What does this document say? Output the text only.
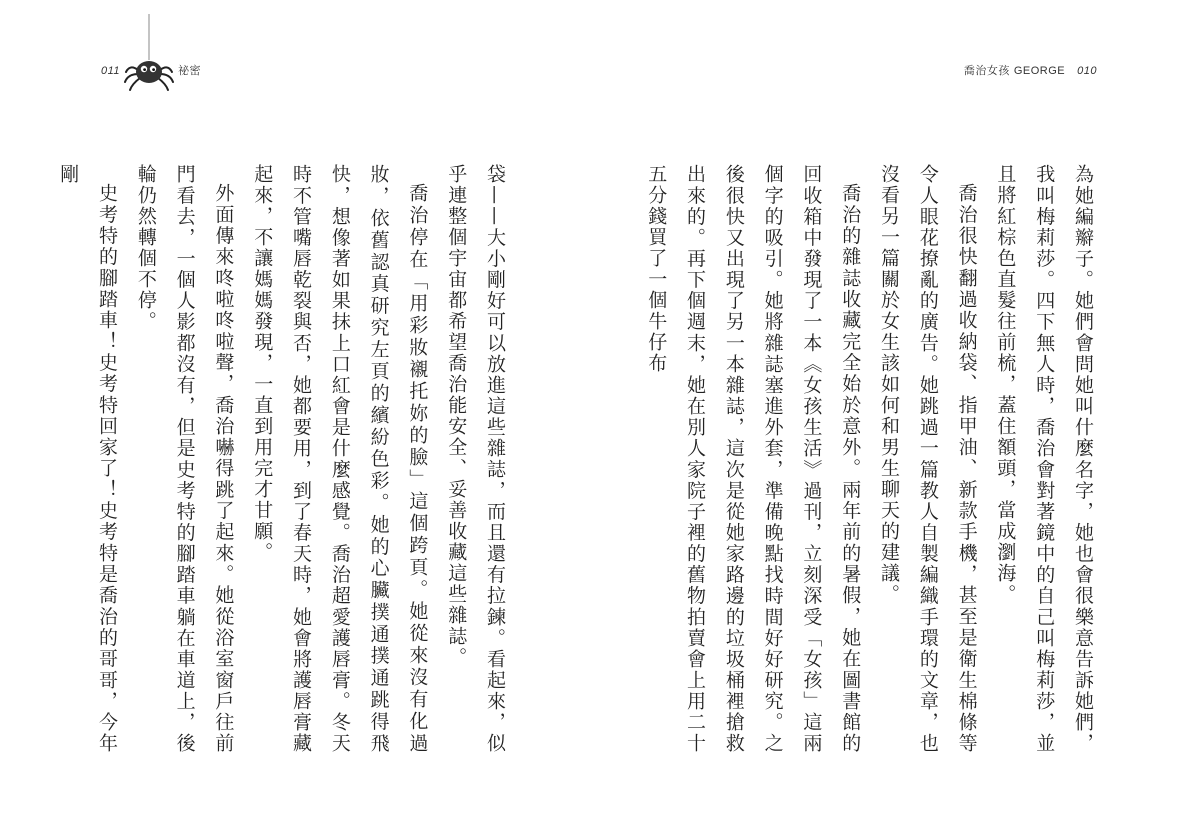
011	祕密

袋——大小剛好可以放進這些雜誌，而且還有拉鍊。看起來，似乎連整個宇宙都希望喬治能安全、妥善收藏這些雜誌。

喬治停在「用彩妝襯托妳的臉」這個跨頁。她從來沒有化過妝，依舊認真研究左頁的繽紛色彩。她的心臟撲通撲通跳得飛快，想像著如果抹上口紅會是什麼感覺。喬治超愛護唇膏。冬天時不管嘴唇乾裂與否，她都要用，到了春天時，她會將護唇膏藏起來，不讓媽媽發現，一直到用完才甘願。

外面傳來咚啦咚啦聲，喬治嚇得跳了起來。她從浴室窗戶往前門看去，一個人影都沒有，但是史考特的腳踏車躺在車道上，後輪仍然轉個不停。

史考特的腳踏車！史考特回家了！史考特是喬治的哥哥，今年剛

喬治女孩 GEORGE 010

為她編辮子。她們會問她叫什麼名字，她也會很樂意告訴她們，我叫梅莉莎。四下無人時，喬治會對著鏡中的自己叫梅莉莎，並且將紅棕色直髮往前梳，蓋住額頭，當成瀏海。

喬治很快翻過收納袋、指甲油、新款手機，甚至是衛生棉條等令人眼花撩亂的廣告。她跳過一篇教人自製編織手環的文章，也沒看另一篇關於女生該如何和男生聊天的建議。

喬治的雜誌收藏完全始於意外。兩年前的暑假，她在圖書館的回收箱中發現了一本《女孩生活》過刊，立刻深受「女孩」這兩個字的吸引。她將雜誌塞進外套，準備晚點找時間好好研究。之後很快又出現了另一本雜誌，這次是從她家路邊的垃圾桶裡搶救出來的。再下個週末，她在別人家院子裡的舊物拍賣會上用二十五分錢買了一個牛仔布
